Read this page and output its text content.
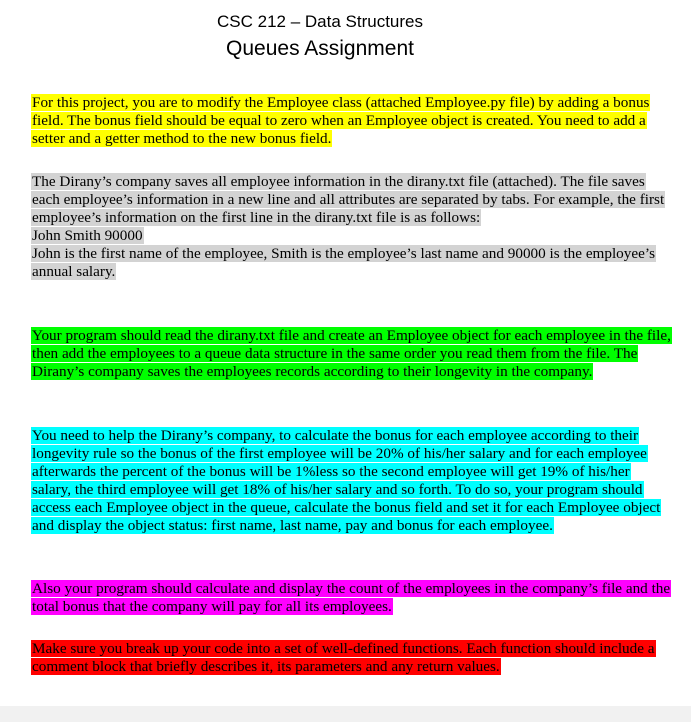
CSC 212 – Data Structures
Queues Assignment

For this project, you are to modify the Employee class (attached Employee.py file) by adding a bonus field. The bonus field should be equal to zero when an Employee object is created. You need to add a setter and a getter method to the new bonus field.

The Dirany’s company saves all employee information in the dirany.txt file (attached). The file saves each employee’s information in a new line and all attributes are separated by tabs. For example, the first employee’s information on the first line in the dirany.txt file is as follows:
John Smith 90000
John is the first name of the employee, Smith is the employee’s last name and 90000 is the employee’s annual salary.

Your program should read the dirany.txt file and create an Employee object for each employee in the file, then add the employees to a queue data structure in the same order you read them from the file. The Dirany’s company saves the employees records according to their longevity in the company.

You need to help the Dirany’s company, to calculate the bonus for each employee according to their longevity rule so the bonus of the first employee will be 20% of his/her salary and for each employee afterwards the percent of the bonus will be 1%less so the second employee will get 19% of his/her salary, the third employee will get 18% of his/her salary and so forth. To do so, your program should access each Employee object in the queue, calculate the bonus field and set it for each Employee object and display the object status: first name, last name, pay and bonus for each employee.

Also your program should calculate and display the count of the employees in the company’s file and the total bonus that the company will pay for all its employees.

Make sure you break up your code into a set of well-defined functions. Each function should include a comment block that briefly describes it, its parameters and any return values.
